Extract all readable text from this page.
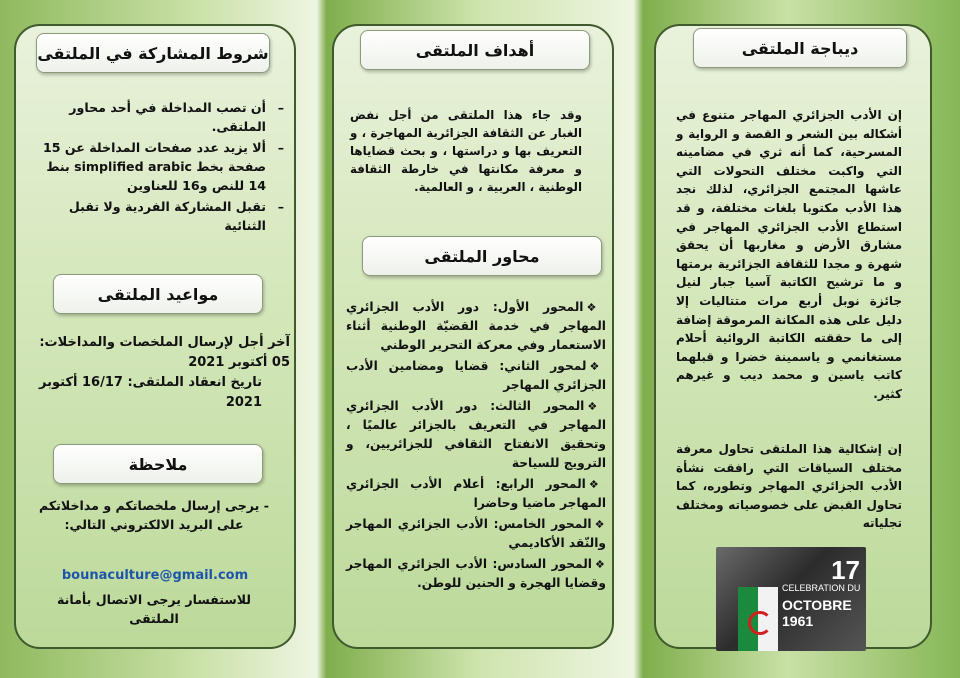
شروط المشاركة في الملتقى
– أن تصب المداخلة في أحد محاور الملتقى.
– ألا يزيد عدد صفحات المداخلة عن 15 صفحة بخط simplified arabic بنط 14 للنص و16 للعناوين
– تقبل المشاركة الفردية ولا تقبل الثنائية
مواعيد الملتقى
آخر أجل لإرسال الملخصات والمداخلات: 05 أكتوبر 2021
تاريخ انعقاد الملتقى: 16/17 أكتوبر 2021
ملاحظة
- يرجى إرسال ملخصاتكم و مداخلاتكم على البريد الالكتروني التالي:
bounaculture@gmail.com
للاستفسار يرجى الاتصال بأمانة الملتقى
أهداف الملتقى
وقد جاء هذا الملتقى من أجل نفض الغبار عن الثقافة الجزائرية المهاجرة ، و التعريف بها و دراستها ، و بحث قضاياها و معرفة مكانتها في خارطة الثقافة الوطنية ، العربية ، و العالمية.
محاور الملتقى

❖المحور الأول: دور الأدب الجزائري المهاجر في خدمة القضيّة الوطنية أثناء الاستعمار وفي معركة التحرير الوطني

❖لمحور الثاني: قضايا ومضامين الأدب الجزائري المهاجر

❖المحور الثالث: دور الأدب الجزائري المهاجر في التعريف بالجزائر عالميًا ، وتحقيق الانفتاح الثقافي للجزائريين، و الترويج للسياحة

❖المحور الرابع: أعلام الأدب الجزائري المهاجر ماضيا وحاضرا

❖المحور الخامس: الأدب الجزائري المهاجر والنّقد الأكاديمي

❖المحور السادس: الأدب الجزائري المهاجر وقضايا الهجرة و الحنين للوطن.

ديباجة الملتقى
إن الأدب الجزائري المهاجر متنوع في أشكاله بين الشعر و القصة و الرواية و المسرحية، كما أنه ثري في مضامينه التي واكبت مختلف التحولات التي عاشها المجتمع الجزائري، لذلك نجد هذا الأدب مكتوبا بلغات مختلفة، و قد استطاع الأدب الجزائري المهاجر في مشارق الأرض و مغاربها أن يحقق شهرة و مجدا للثقافة الجزائرية برمتها و ما ترشيح الكاتبة آسيا جبار لنيل جائزة نوبل أربع مرات متتاليات إلا دليل على هذه المكانة المرموقة إضافة إلى ما حققته الكاتبة الروائية أحلام مستغانمي و ياسمينة خضرا و قبلهما كاتب ياسين و محمد ديب و غيرهم كثير.
إن إشكالية هذا الملتقى تحاول معرفة مختلف السياقات التي رافقت نشأة الأدب الجزائري المهاجر وتطوره، كما تحاول القبض على خصوصياته ومختلف تجلياته
17
CELEBRATION DU
OCTOBRE 1961
